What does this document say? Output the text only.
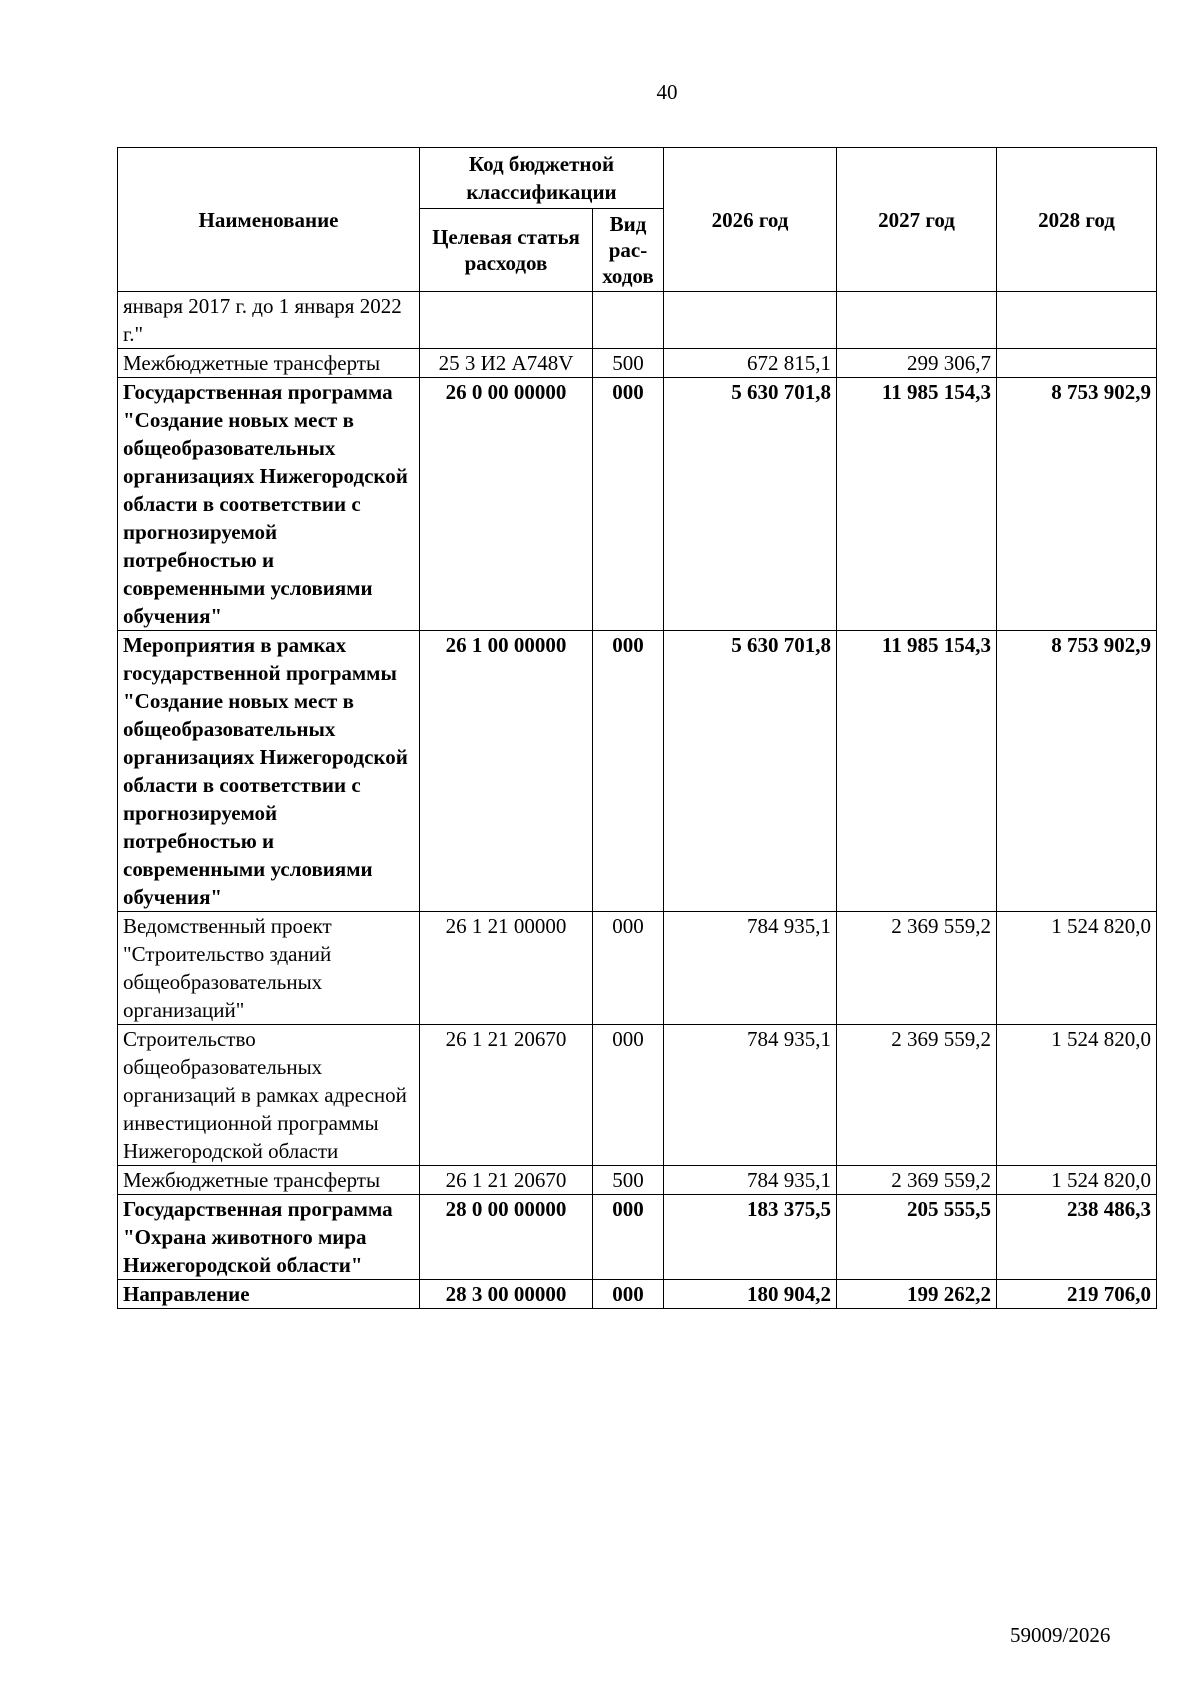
40
Наименование	Код бюджетной классификации		2026 год	2027 год	2028 год
	Целевая статья расходов	Вид рас-ходов			
января 2017 г. до 1 января 2022 г."					
Межбюджетные трансферты	25 3 И2 А748V	500	672 815,1	299 306,7	
Государственная программа "Создание новых мест в общеобразовательных организациях Нижегородской области в соответствии с прогнозируемой потребностью и современными условиями обучения"	26 0 00 00000	000	5 630 701,8	11 985 154,3	8 753 902,9
Мероприятия в рамках государственной программы "Создание новых мест в общеобразовательных организациях Нижегородской области в соответствии с прогнозируемой потребностью и современными условиями обучения"	26 1 00 00000	000	5 630 701,8	11 985 154,3	8 753 902,9
Ведомственный проект "Строительство зданий общеобразовательных организаций"	26 1 21 00000	000	784 935,1	2 369 559,2	1 524 820,0
Строительство общеобразовательных организаций в рамках адресной инвестиционной программы Нижегородской области	26 1 21 20670	000	784 935,1	2 369 559,2	1 524 820,0
Межбюджетные трансферты	26 1 21 20670	500	784 935,1	2 369 559,2	1 524 820,0
Государственная программа "Охрана животного мира Нижегородской области"	28 0 00 00000	000	183 375,5	205 555,5	238 486,3
Направление	28 3 00 00000	000	180 904,2	199 262,2	219 706,0
59009/2026
